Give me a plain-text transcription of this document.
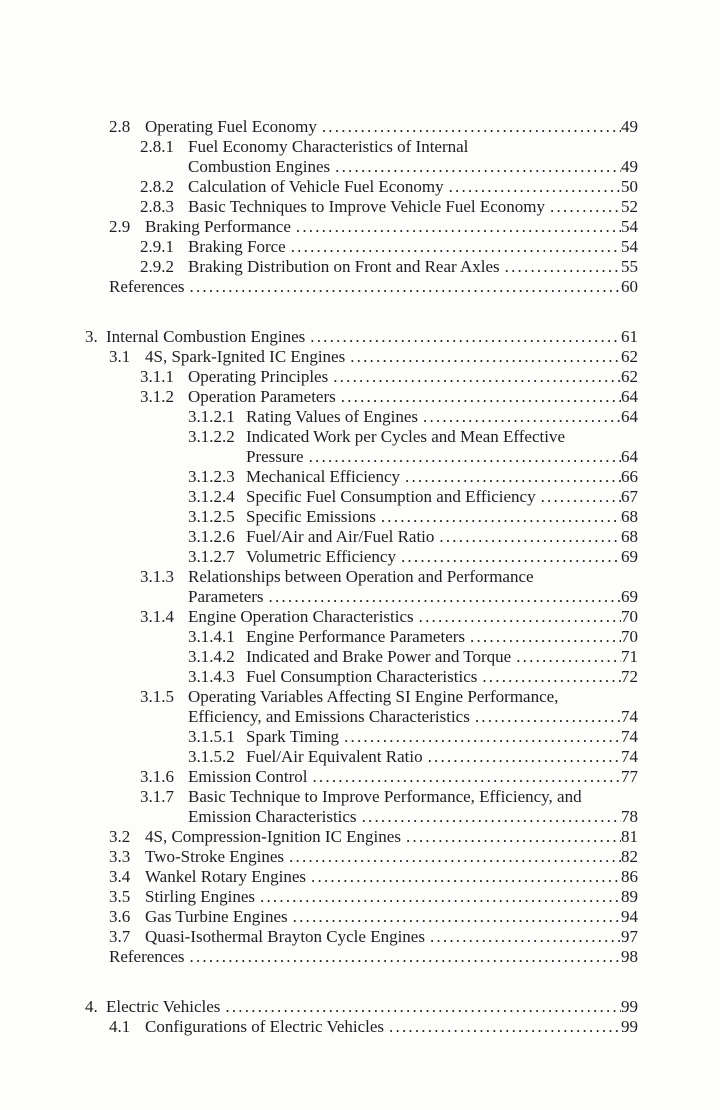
2.8 Operating Fuel Economy .....	49
2.8.1 Fuel Economy Characteristics of Internal
Combustion Engines .....	49
2.8.2 Calculation of Vehicle Fuel Economy .....	50
2.8.3 Basic Techniques to Improve Vehicle Fuel Economy .....	52
2.9 Braking Performance .....	54
2.9.1 Braking Force .....	54
2.9.2 Braking Distribution on Front and Rear Axles .....	55
References .....	60
3. Internal Combustion Engines .....	61
3.1 4S, Spark-Ignited IC Engines .....	62
3.1.1 Operating Principles .....	62
3.1.2 Operation Parameters .....	64
3.1.2.1 Rating Values of Engines .....	64
3.1.2.2 Indicated Work per Cycles and Mean Effective
Pressure .....	64
3.1.2.3 Mechanical Efficiency .....	66
3.1.2.4 Specific Fuel Consumption and Efficiency .....	67
3.1.2.5 Specific Emissions .....	68
3.1.2.6 Fuel/Air and Air/Fuel Ratio .....	68
3.1.2.7 Volumetric Efficiency .....	69
3.1.3 Relationships between Operation and Performance
Parameters .....	69
3.1.4 Engine Operation Characteristics .....	70
3.1.4.1 Engine Performance Parameters .....	70
3.1.4.2 Indicated and Brake Power and Torque .....	71
3.1.4.3 Fuel Consumption Characteristics .....	72
3.1.5 Operating Variables Affecting SI Engine Performance,
Efficiency, and Emissions Characteristics .....	74
3.1.5.1 Spark Timing .....	74
3.1.5.2 Fuel/Air Equivalent Ratio .....	74
3.1.6 Emission Control .....	77
3.1.7 Basic Technique to Improve Performance, Efficiency, and
Emission Characteristics .....	78
3.2 4S, Compression-Ignition IC Engines .....	81
3.3 Two-Stroke Engines .....	82
3.4 Wankel Rotary Engines .....	86
3.5 Stirling Engines .....	89
3.6 Gas Turbine Engines .....	94
3.7 Quasi-Isothermal Brayton Cycle Engines .....	97
References .....	98
4. Electric Vehicles .....	99
4.1 Configurations of Electric Vehicles .....	99
